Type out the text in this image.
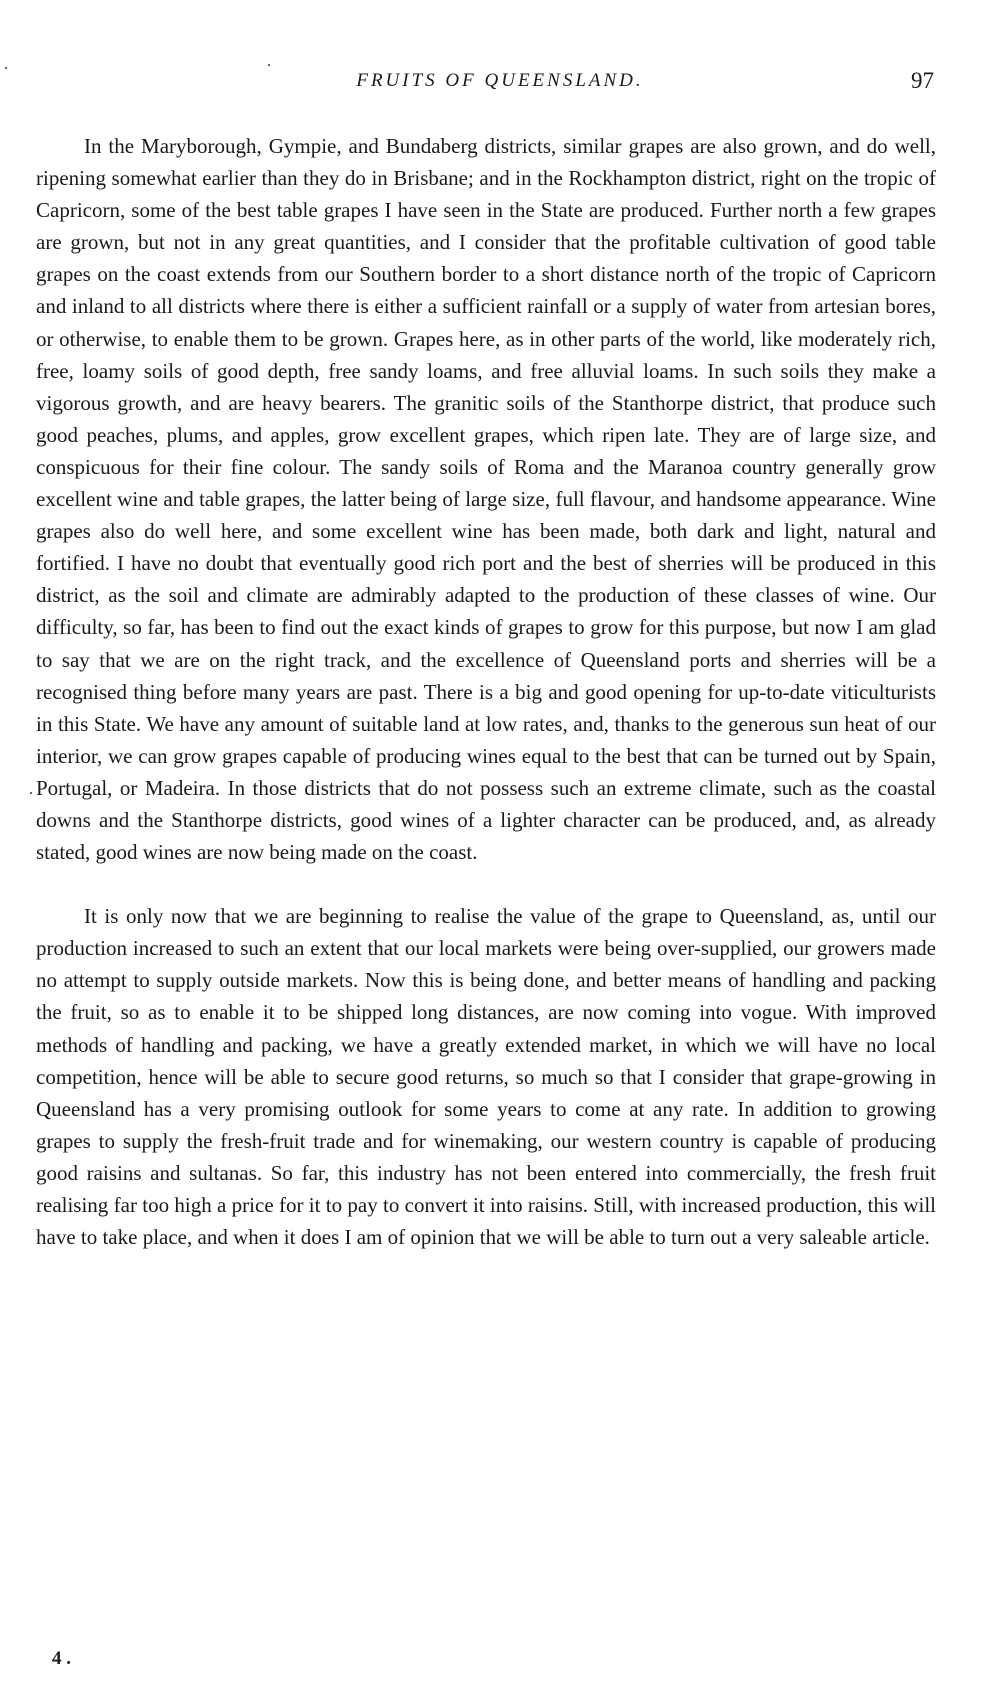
FRUITS OF QUEENSLAND.	97

In the Maryborough, Gympie, and Bundaberg districts, similar grapes are also grown, and do well, ripening somewhat earlier than they do in Brisbane; and in the Rockhampton district, right on the tropic of Capricorn, some of the best table grapes I have seen in the State are produced. Further north a few grapes are grown, but not in any great quantities, and I consider that the profitable cultivation of good table grapes on the coast extends from our Southern border to a short distance north of the tropic of Capricorn and inland to all districts where there is either a sufficient rainfall or a supply of water from artesian bores, or otherwise, to enable them to be grown. Grapes here, as in other parts of the world, like moderately rich, free, loamy soils of good depth, free sandy loams, and free alluvial loams. In such soils they make a vigorous growth, and are heavy bearers. The granitic soils of the Stanthorpe district, that produce such good peaches, plums, and apples, grow excellent grapes, which ripen late. They are of large size, and conspicuous for their fine colour. The sandy soils of Roma and the Maranoa country generally grow excellent wine and table grapes, the latter being of large size, full flavour, and handsome appearance. Wine grapes also do well here, and some excellent wine has been made, both dark and light, natural and fortified. I have no doubt that eventually good rich port and the best of sherries will be produced in this district, as the soil and climate are admirably adapted to the production of these classes of wine. Our difficulty, so far, has been to find out the exact kinds of grapes to grow for this purpose, but now I am glad to say that we are on the right track, and the excellence of Queensland ports and sherries will be a recognised thing before many years are past. There is a big and good opening for up-to-date viticulturists in this State. We have any amount of suitable land at low rates, and, thanks to the generous sun heat of our interior, we can grow grapes capable of producing wines equal to the best that can be turned out by Spain, Portugal, or Madeira. In those districts that do not possess such an extreme climate, such as the coastal downs and the Stanthorpe districts, good wines of a lighter character can be produced, and, as already stated, good wines are now being made on the coast.

It is only now that we are beginning to realise the value of the grape to Queensland, as, until our production increased to such an extent that our local markets were being over-supplied, our growers made no attempt to supply outside markets. Now this is being done, and better means of handling and packing the fruit, so as to enable it to be shipped long distances, are now coming into vogue. With improved methods of handling and packing, we have a greatly extended market, in which we will have no local competition, hence will be able to secure good returns, so much so that I consider that grape-growing in Queensland has a very promising outlook for some years to come at any rate. In addition to growing grapes to supply the fresh-fruit trade and for winemaking, our western country is capable of producing good raisins and sultanas. So far, this industry has not been entered into commercially, the fresh fruit realising far too high a price for it to pay to convert it into raisins. Still, with increased production, this will have to take place, and when it does I am of opinion that we will be able to turn out a very saleable article.

4 .
